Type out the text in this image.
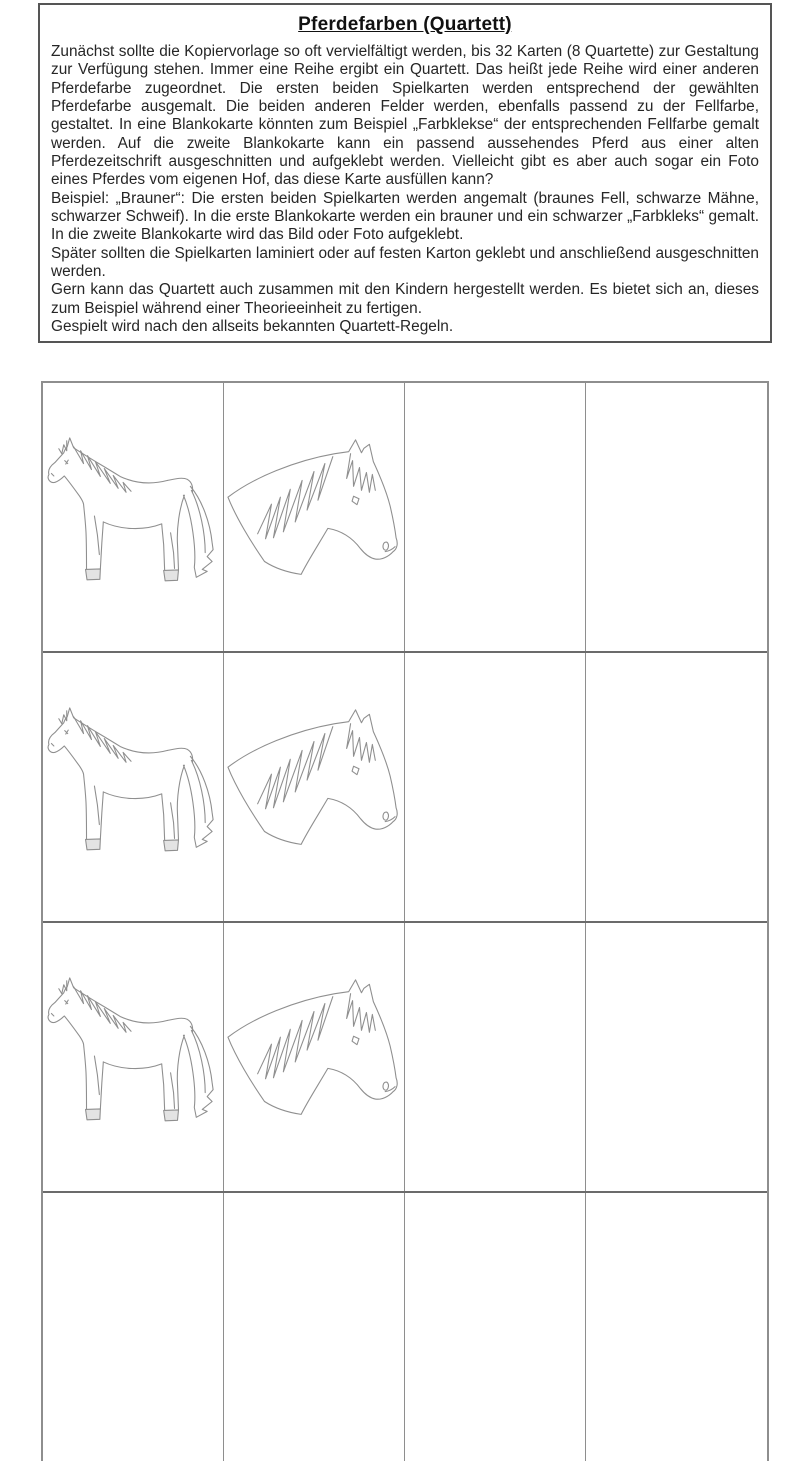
Pferdefarben (Quartett)

Zunächst sollte die Kopiervorlage so oft vervielfältigt werden, bis 32 Karten (8 Quartette) zur Gestaltung zur Verfügung stehen. Immer eine Reihe ergibt ein Quartett. Das heißt jede Reihe wird einer anderen Pferdefarbe zugeordnet. Die ersten beiden Spielkarten werden entsprechend der gewählten Pferdefarbe ausgemalt. Die beiden anderen Felder werden, ebenfalls passend zu der Fellfarbe, gestaltet. In eine Blankokarte könnten zum Beispiel „Farbklekse“ der entsprechenden Fellfarbe gemalt werden. Auf die zweite Blankokarte kann ein passend aussehendes Pferd aus einer alten Pferdezeitschrift ausgeschnitten und aufgeklebt werden. Vielleicht gibt es aber auch sogar ein Foto eines Pferdes vom eigenen Hof, das diese Karte ausfüllen kann?

Beispiel: „Brauner“: Die ersten beiden Spielkarten werden angemalt (braunes Fell, schwarze Mähne, schwarzer Schweif). In die erste Blankokarte werden ein brauner und ein schwarzer „Farbkleks“ gemalt. In die zweite Blankokarte wird das Bild oder Foto aufgeklebt.

Später sollten die Spielkarten laminiert oder auf festen Karton geklebt und anschließend ausgeschnitten werden.

Gern kann das Quartett auch zusammen mit den Kindern hergestellt werden. Es bietet sich an, dieses zum Beispiel während einer Theorieeinheit zu fertigen.

Gespielt wird nach den allseits bekannten Quartett-Regeln.
